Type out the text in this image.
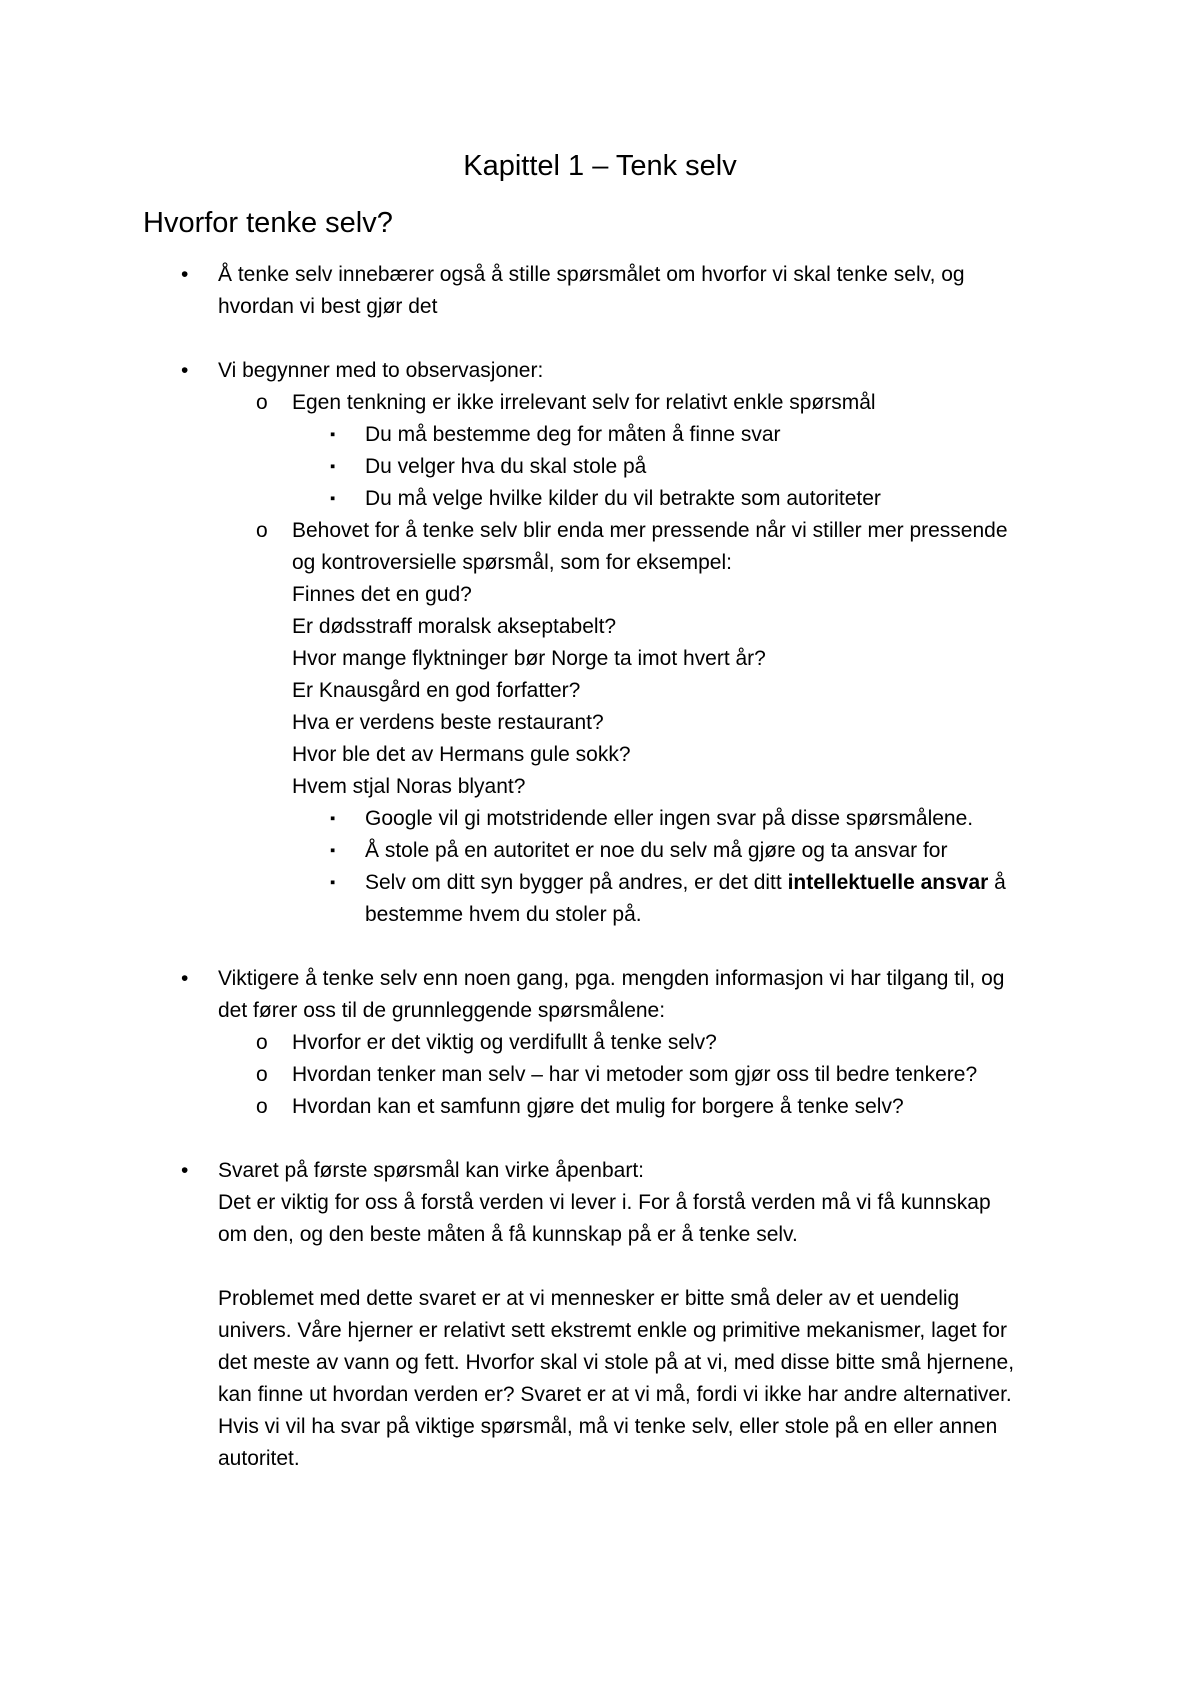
Kapittel 1 – Tenk selv
Hvorfor tenke selv?
• Å tenke selv innebærer også å stille spørsmålet om hvorfor vi skal tenke selv, og
hvordan vi best gjør det
• Vi begynner med to observasjoner:
o Egen tenkning er ikke irrelevant selv for relativt enkle spørsmål
▪ Du må bestemme deg for måten å finne svar
▪ Du velger hva du skal stole på
▪ Du må velge hvilke kilder du vil betrakte som autoriteter
o Behovet for å tenke selv blir enda mer pressende når vi stiller mer pressende
og kontroversielle spørsmål, som for eksempel:
Finnes det en gud?
Er dødsstraff moralsk akseptabelt?
Hvor mange flyktninger bør Norge ta imot hvert år?
Er Knausgård en god forfatter?
Hva er verdens beste restaurant?
Hvor ble det av Hermans gule sokk?
Hvem stjal Noras blyant?
▪ Google vil gi motstridende eller ingen svar på disse spørsmålene.
▪ Å stole på en autoritet er noe du selv må gjøre og ta ansvar for
▪ Selv om ditt syn bygger på andres, er det ditt intellektuelle ansvar å
bestemme hvem du stoler på.
• Viktigere å tenke selv enn noen gang, pga. mengden informasjon vi har tilgang til, og
det fører oss til de grunnleggende spørsmålene:
o Hvorfor er det viktig og verdifullt å tenke selv?
o Hvordan tenker man selv – har vi metoder som gjør oss til bedre tenkere?
o Hvordan kan et samfunn gjøre det mulig for borgere å tenke selv?
• Svaret på første spørsmål kan virke åpenbart:
Det er viktig for oss å forstå verden vi lever i. For å forstå verden må vi få kunnskap
om den, og den beste måten å få kunnskap på er å tenke selv.
Problemet med dette svaret er at vi mennesker er bitte små deler av et uendelig
univers. Våre hjerner er relativt sett ekstremt enkle og primitive mekanismer, laget for
det meste av vann og fett. Hvorfor skal vi stole på at vi, med disse bitte små hjernene,
kan finne ut hvordan verden er? Svaret er at vi må, fordi vi ikke har andre alternativer.
Hvis vi vil ha svar på viktige spørsmål, må vi tenke selv, eller stole på en eller annen
autoritet.
